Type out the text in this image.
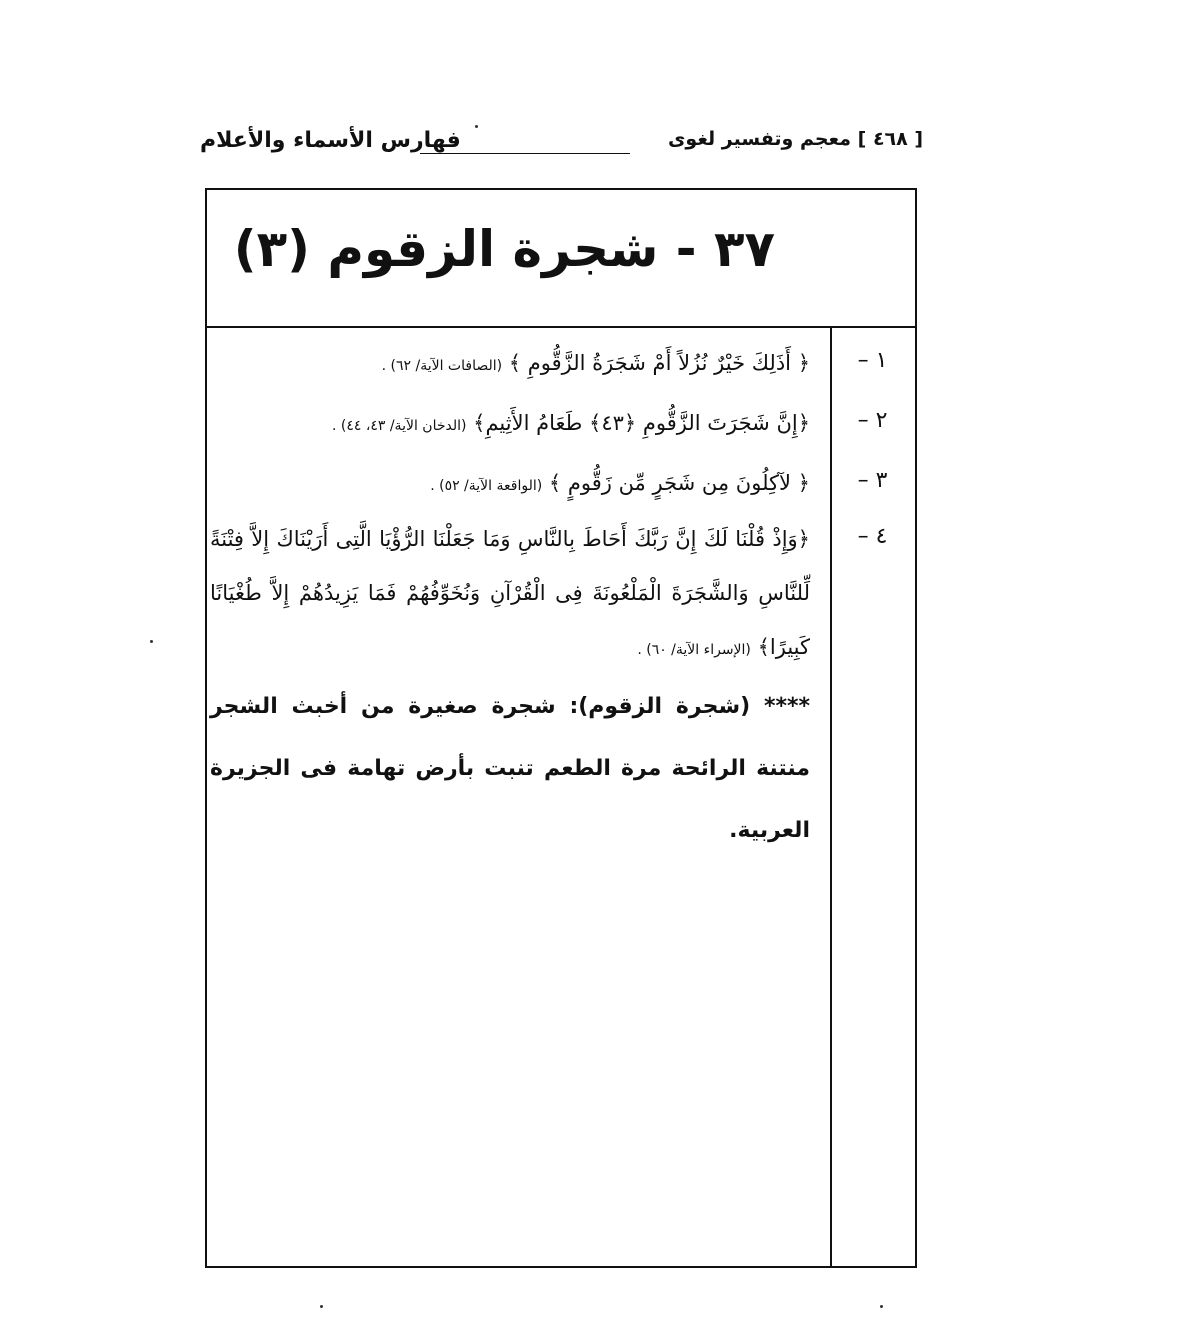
فهارس الأسماء والأعلام	[ ٤٦٨ ] معجم وتفسير لغوى
٣٧ - شجرة الزقوم (٣)
١ –
﴿ أَذَلِكَ خَيْرٌ نُزُلاً أَمْ شَجَرَةُ الزَّقُّومِ ﴾ (الصافات الآية/ ٦٢) .
٢ –
﴿إِنَّ شَجَرَتَ الزَّقُّومِ ﴿٤٣﴾ طَعَامُ الأَثِيمِ﴾ (الدخان الآية/ ٤٣، ٤٤) .
٣ –
﴿ لآكِلُونَ مِن شَجَرٍ مِّن زَقُّومٍ ﴾ (الواقعة الآية/ ٥٢) .
٤ –
﴿وَإِذْ قُلْنَا لَكَ إِنَّ رَبَّكَ أَحَاطَ بِالنَّاسِ وَمَا جَعَلْنَا الرُّؤْيَا الَّتِى أَرَيْنَاكَ إِلاَّ فِتْنَةً لِّلنَّاسِ وَالشَّجَرَةَ الْمَلْعُونَةَ فِى الْقُرْآنِ وَنُخَوِّفُهُمْ فَمَا يَزِيدُهُمْ إِلاَّ طُغْيَانًا كَبِيرًا﴾ (الإسراء الآية/ ٦٠) .
**** (شجرة الزقوم): شجرة صغيرة من أخبث الشجر منتنة الرائحة مرة الطعم تنبت بأرض تهامة فى الجزيرة العربية.
